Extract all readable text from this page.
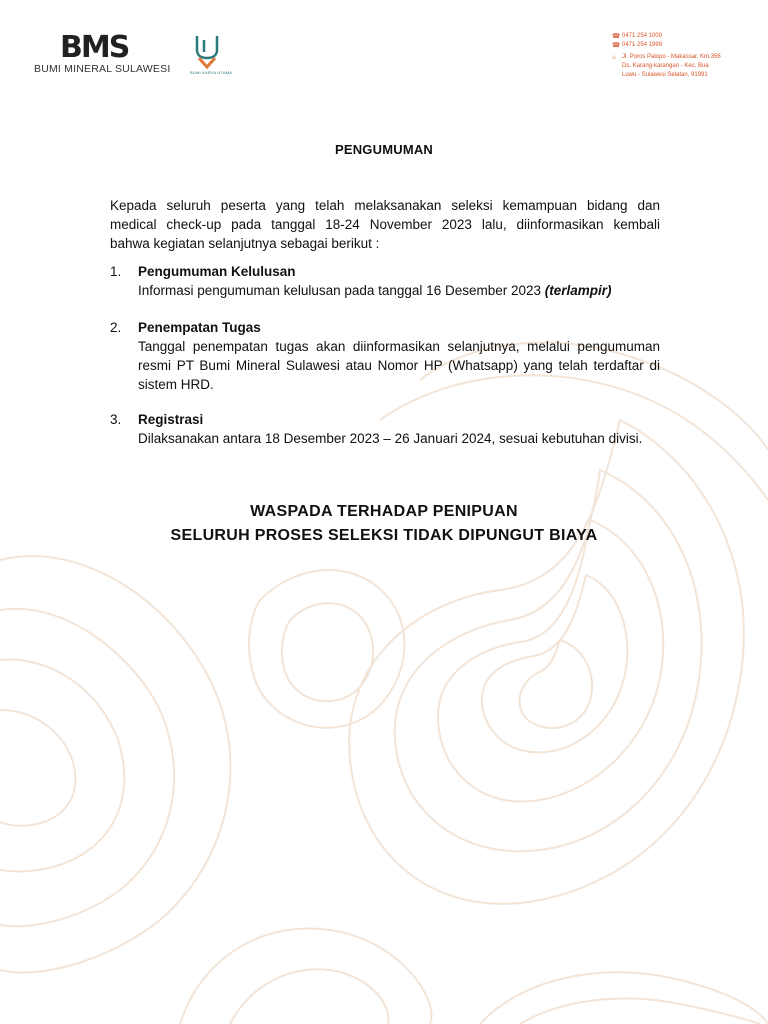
BMS
BUMI MINERAL SULAWESI	BUMI KARYA UTAMA
☎ 0471 254 1000
☎ 0471 254 1999
⌂	Jl. Poros Palopo - Makassar, Km.356
Ds. Karang-karangan - Kec. Bua
Luwu - Sulawesi Selatan, 91991
PENGUMUMAN
Kepada seluruh peserta yang telah melaksanakan seleksi kemampuan bidang dan
medical check-up pada tanggal 18-24 November 2023 lalu, diinformasikan kembali
bahwa kegiatan selanjutnya sebagai berikut :
1. Pengumuman Kelulusan
Informasi pengumuman kelulusan pada tanggal 16 Desember 2023 (terlampir)
2. Penempatan Tugas
Tanggal penempatan tugas akan diinformasikan selanjutnya, melalui pengumuman
resmi PT Bumi Mineral Sulawesi atau Nomor HP (Whatsapp) yang telah terdaftar di
sistem HRD.
3. Registrasi
Dilaksanakan antara 18 Desember 2023 – 26 Januari 2024, sesuai kebutuhan divisi.
WASPADA TERHADAP PENIPUAN
SELURUH PROSES SELEKSI TIDAK DIPUNGUT BIAYA
